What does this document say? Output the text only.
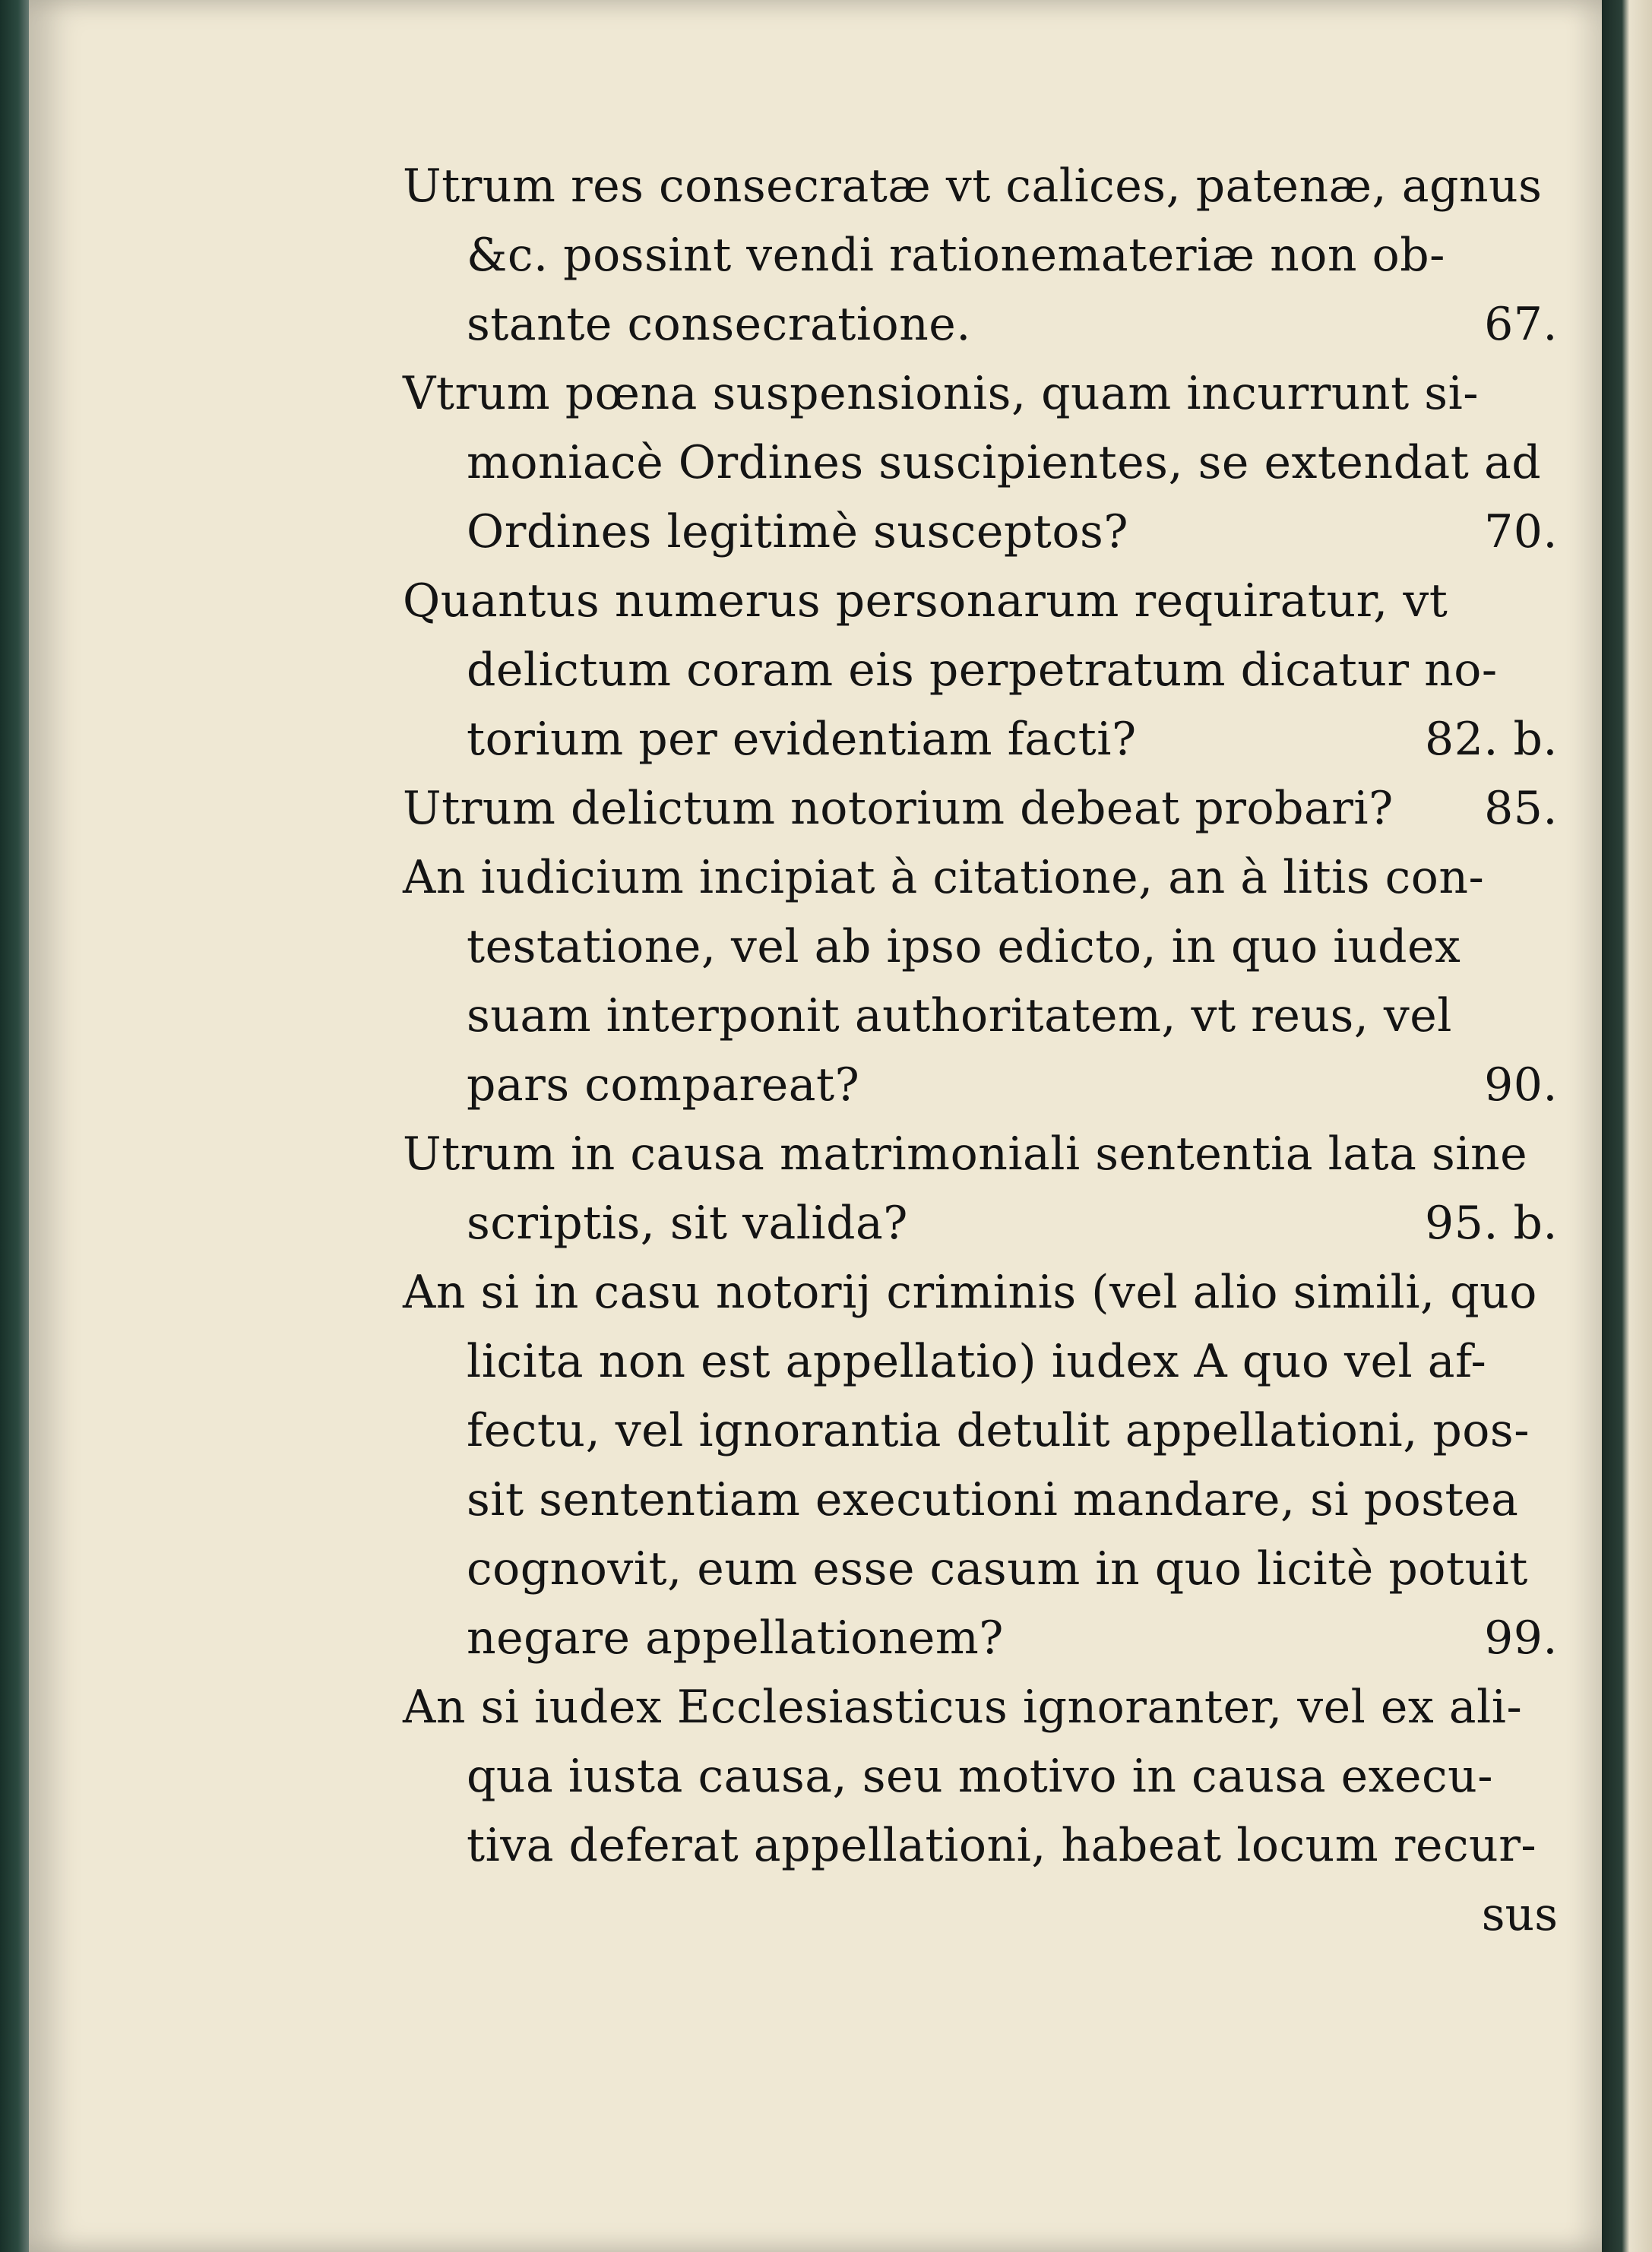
Utrum res consecratæ vt calices, patenæ, agnus
&c. possint vendi rationemateriæ non ob-
stante consecratione.	67.
Vtrum pœna suspensionis, quam incurrunt si-
moniacè Ordines suscipientes, se extendat ad
Ordines legitimè susceptos?	70.
Quantus numerus personarum requiratur, vt
delictum coram eis perpetratum dicatur no-
torium per evidentiam facti?	82. b.
Utrum delictum notorium debeat probari? 85.
An iudicium incipiat à citatione, an à litis con-
testatione, vel ab ipso edicto, in quo iudex
suam interponit authoritatem, vt reus, vel
pars compareat?	90.
Utrum in causa matrimoniali sententia lata sine
scriptis, sit valida?	95. b.
An si in casu notorij criminis (vel alio simili, quo
licita non est appellatio) iudex A quo vel af-
fectu, vel ignorantia detulit appellationi, pos-
sit sententiam executioni mandare, si postea
cognovit, eum esse casum in quo licitè potuit
negare appellationem?	99.
An si iudex Ecclesiasticus ignoranter, vel ex ali-
qua iusta causa, seu motivo in causa execu-
tiva deferat appellationi, habeat locum recur-
sus
